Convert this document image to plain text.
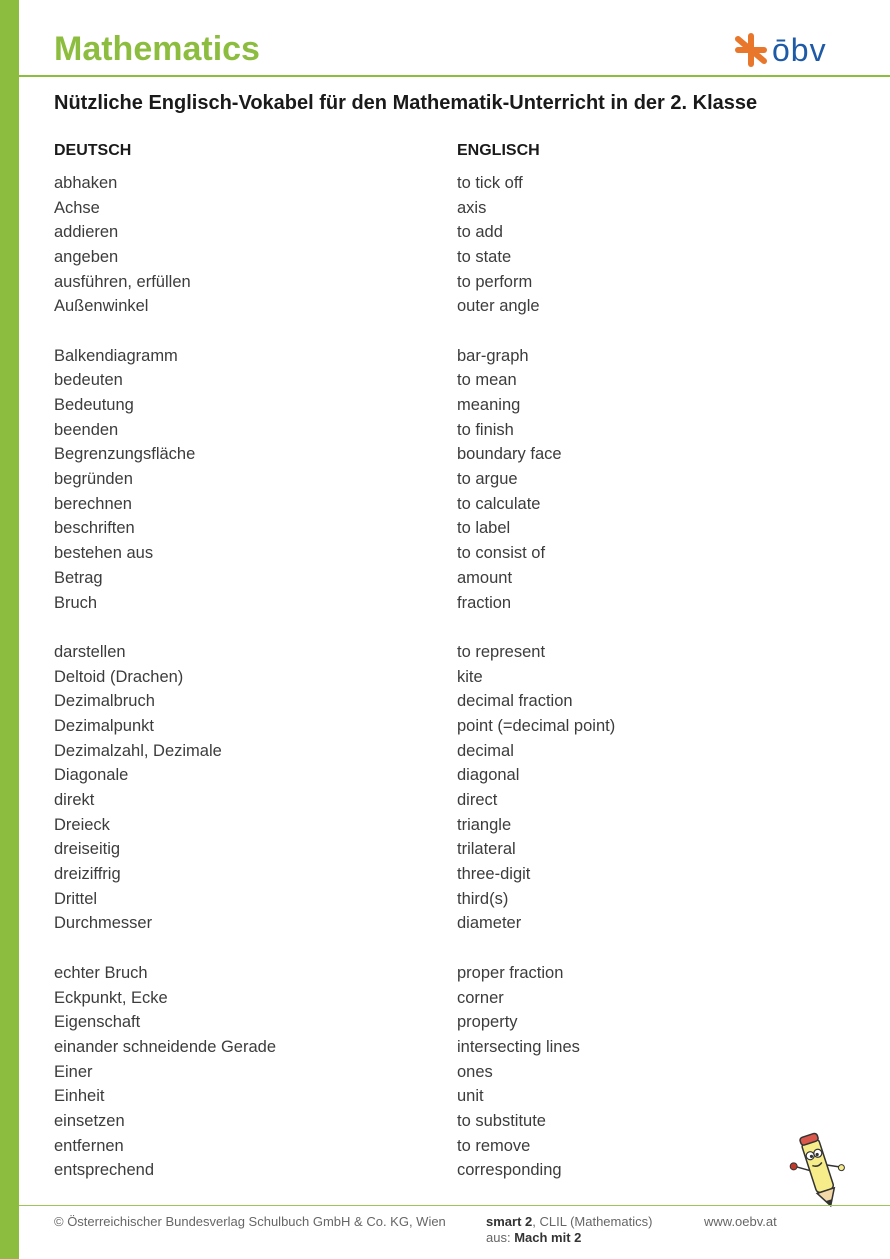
Mathematics	ōbv
Nützliche Englisch-Vokabel für den Mathematik-Unterricht in der 2. Klasse
DEUTSCH	ENGLISCH
abhaken	to tick off
Achse	axis
addieren	to add
angeben	to state
ausführen, erfüllen	to perform
Außenwinkel	outer angle
Balkendiagramm	bar-graph
bedeuten	to mean
Bedeutung	meaning
beenden	to finish
Begrenzungsfläche	boundary face
begründen	to argue
berechnen	to calculate
beschriften	to label
bestehen aus	to consist of
Betrag	amount
Bruch	fraction
darstellen	to represent
Deltoid (Drachen)	kite
Dezimalbruch	decimal fraction
Dezimalpunkt	point (=decimal point)
Dezimalzahl, Dezimale	decimal
Diagonale	diagonal
direkt	direct
Dreieck	triangle
dreiseitig	trilateral
dreiziffrig	three-digit
Drittel	third(s)
Durchmesser	diameter
echter Bruch	proper fraction
Eckpunkt, Ecke	corner
Eigenschaft	property
einander schneidende Gerade	intersecting lines
Einer	ones
Einheit	unit
einsetzen	to substitute
entfernen	to remove
entsprechend	corresponding
© Österreichischer Bundesverlag Schulbuch GmbH & Co. KG, Wien	smart 2, CLIL (Mathematics)
aus: Mach mit 2
www.oebv.at
